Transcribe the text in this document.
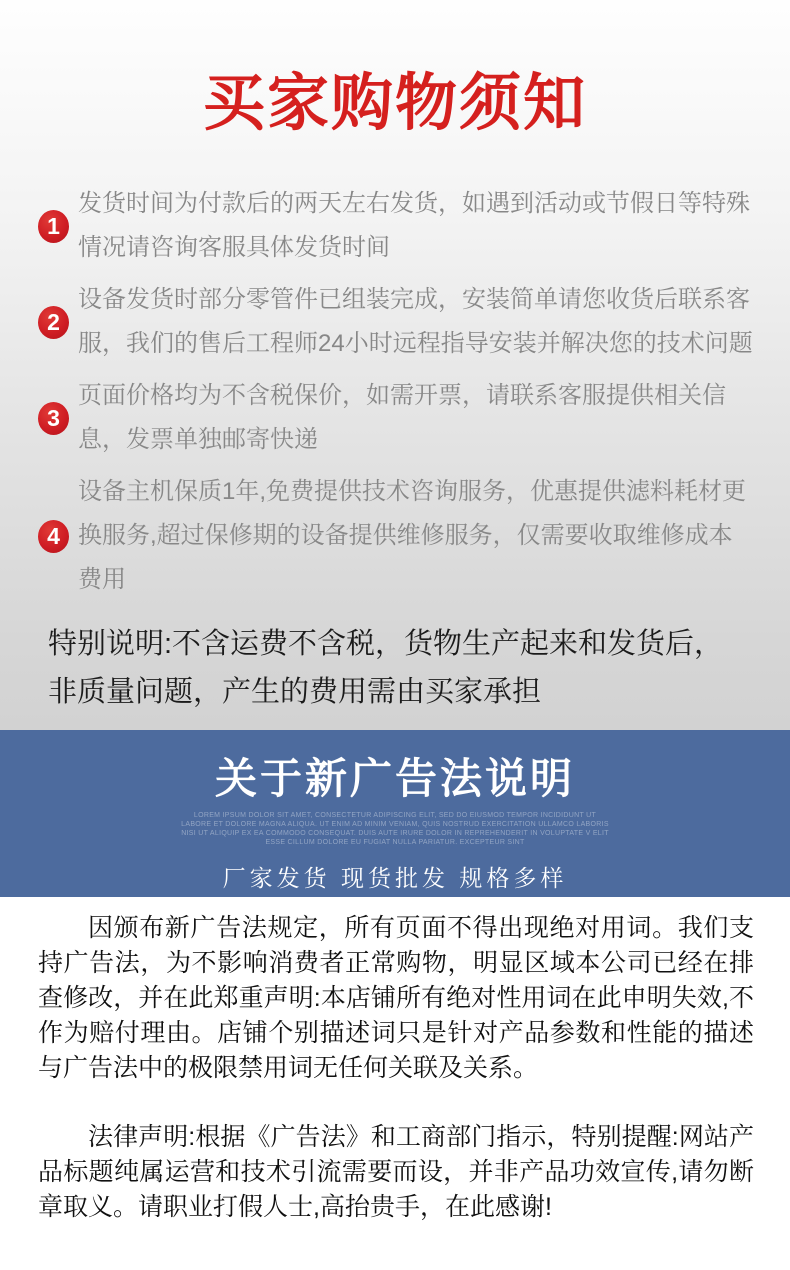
买家购物须知
1
发货时间为付款后的两天左右发货，如遇到活动或节假日等特殊情况请咨询客服具体发货时间
2
设备发货时部分零管件已组装完成，安装简单请您收货后联系客服，我们的售后工程师24小时远程指导安装并解决您的技术问题
3
页面价格均为不含税保价，如需开票，请联系客服提供相关信息，发票单独邮寄快递
4
设备主机保质1年,免费提供技术咨询服务，优惠提供滤料耗材更换服务,超过保修期的设备提供维修服务，仅需要收取维修成本费用

特别说明:不含运费不含税，货物生产起来和发货后，非质量问题，产生的费用需由买家承担

关于新广告法说明
LOREM IPSUM DOLOR SIT AMET, CONSECTETUR ADIPISCING ELIT, SED DO EIUSMOD TEMPOR INCIDIDUNT UT LABORE ET DOLORE MAGNA ALIQUA. UT ENIM AD MINIM VENIAM, QUIS NOSTRUD EXERCITATION ULLAMCO LABORIS NISI UT ALIQUIP EX EA COMMODO CONSEQUAT. DUIS AUTE IRURE DOLOR IN REPREHENDERIT IN VOLUPTATE V ELIT ESSE CILLUM DOLORE EU FUGIAT NULLA PARIATUR. EXCEPTEUR SINT
厂家发货 现货批发 规格多样

因颁布新广告法规定，所有页面不得出现绝对用词。我们支持广告法，为不影响消费者正常购物，明显区域本公司已经在排查修改，并在此郑重声明:本店铺所有绝对性用词在此申明失效,不作为赔付理由。店铺个别描述词只是针对产品参数和性能的描述与广告法中的极限禁用词无任何关联及关系。

法律声明:根据《广告法》和工商部门指示，特别提醒:网站产品标题纯属运营和技术引流需要而设，并非产品功效宣传,请勿断章取义。请职业打假人士,高抬贵手，在此感谢!
